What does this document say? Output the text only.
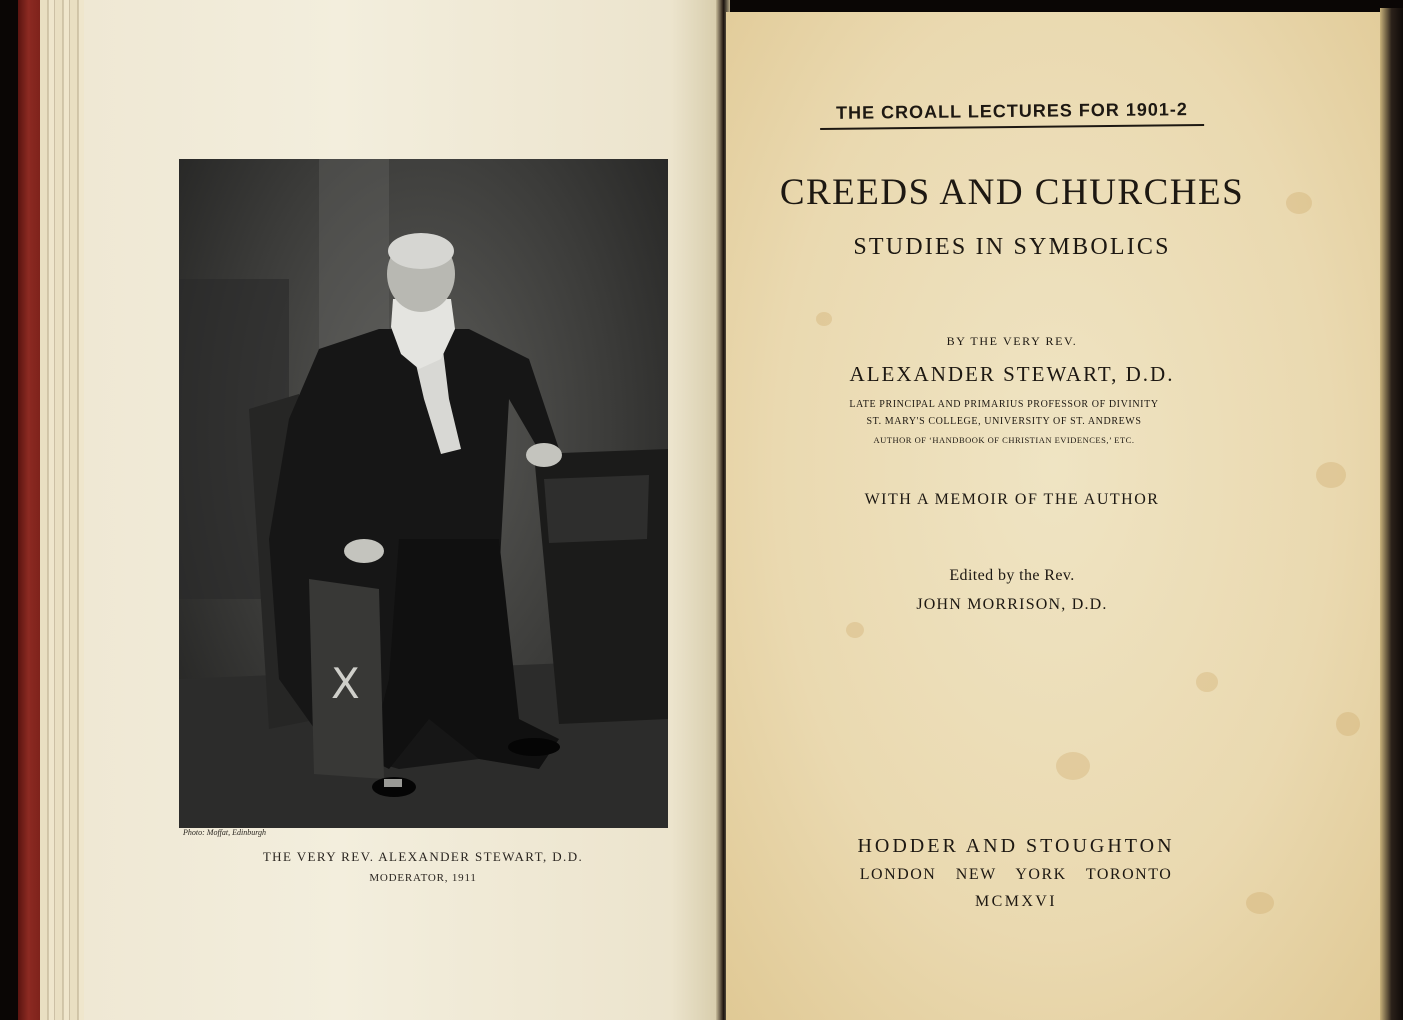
X
Photo: Moffat, Edinburgh
THE VERY REV. ALEXANDER STEWART, D.D.
MODERATOR, 1911
THE CROALL LECTURES FOR 1901-2
CREEDS AND CHURCHES
STUDIES IN SYMBOLICS
BY THE VERY REV.
ALEXANDER STEWART, D.D.
LATE PRINCIPAL AND PRIMARIUS PROFESSOR OF DIVINITY
ST. MARY'S COLLEGE, UNIVERSITY OF ST. ANDREWS
AUTHOR OF ‘HANDBOOK OF CHRISTIAN EVIDENCES,’ ETC.
WITH A MEMOIR OF THE AUTHOR
Edited by the Rev.
JOHN MORRISON, D.D.
HODDER AND STOUGHTON
LONDON NEW YORK TORONTO
MCMXVI
